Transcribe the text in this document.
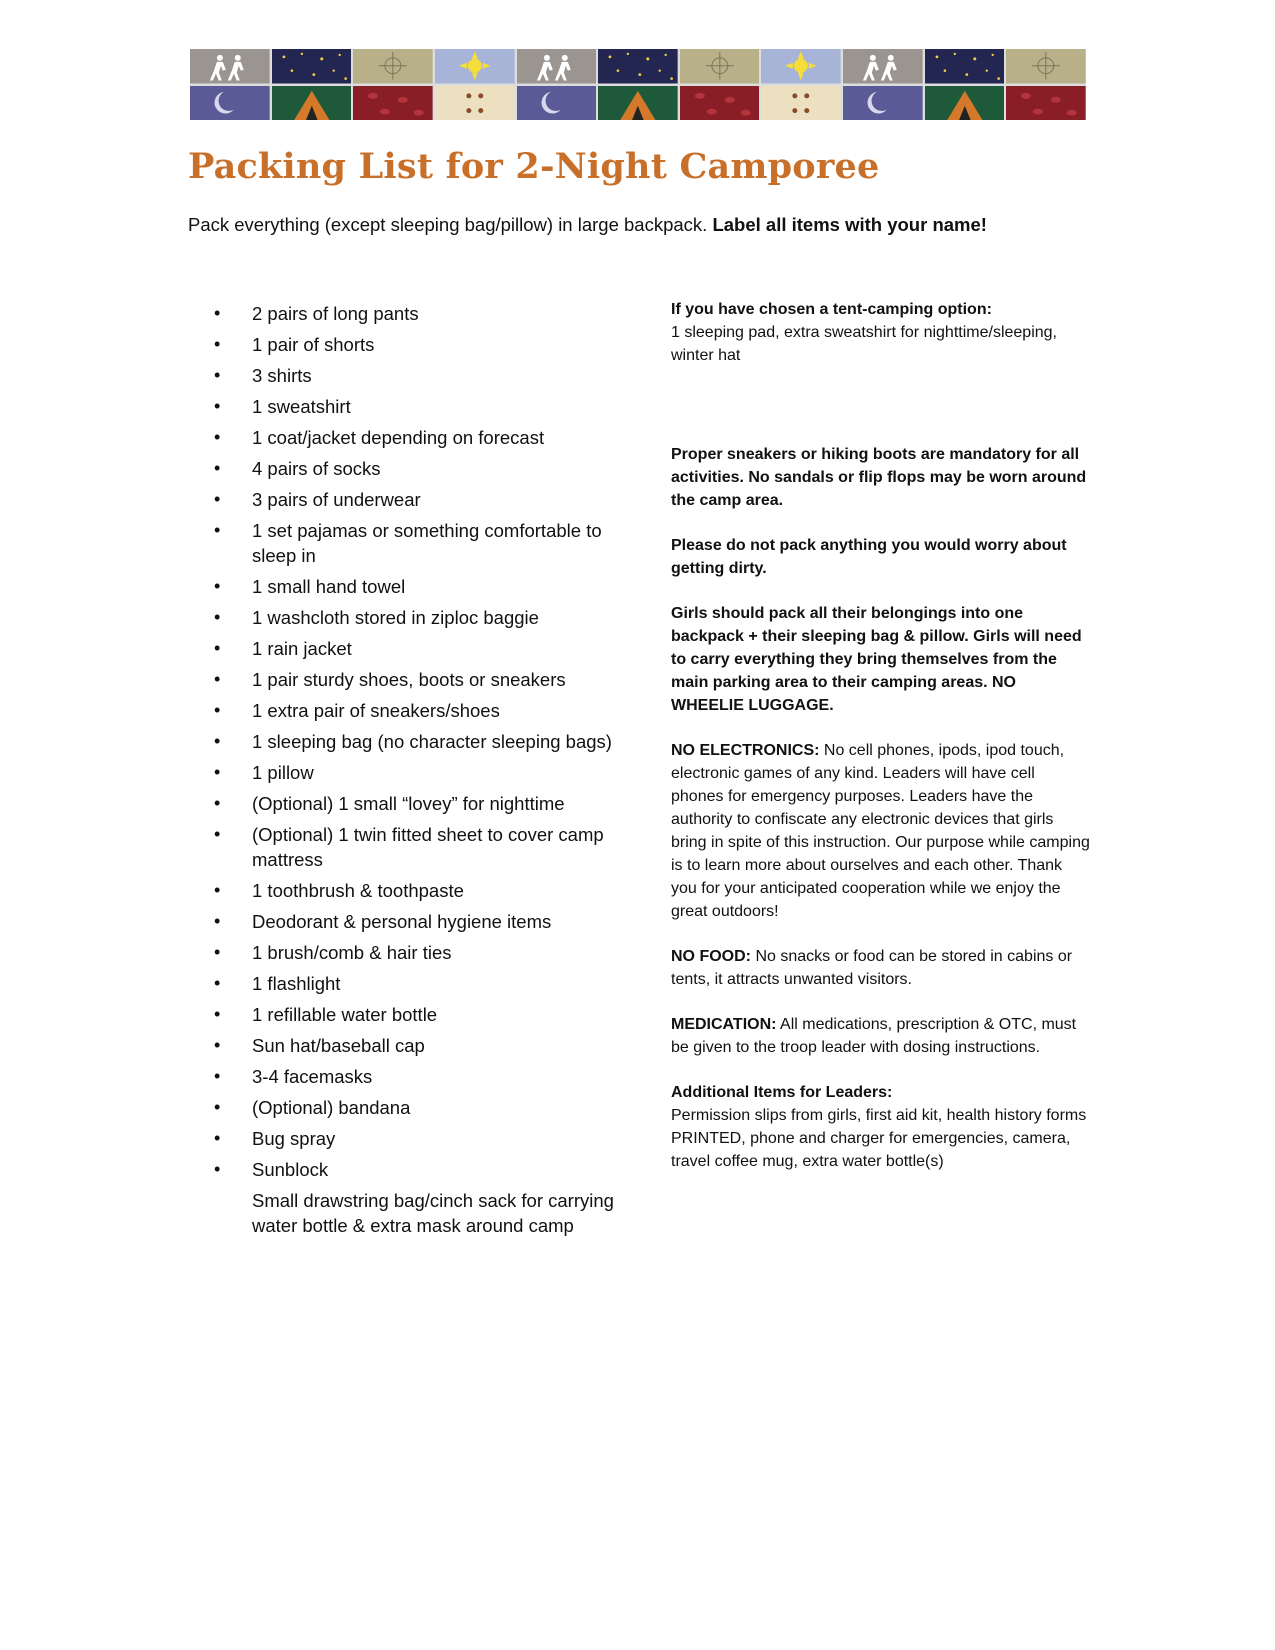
Packing List for 2-Night Camporee
Pack everything (except sleeping bag/pillow) in large backpack. Label all items with your name!
• 2 pairs of long pants
• 1 pair of shorts
• 3 shirts
• 1 sweatshirt
• 1 coat/jacket depending on forecast
• 4 pairs of socks
• 3 pairs of underwear
• 1 set pajamas or something comfortable to sleep in
• 1 small hand towel
• 1 washcloth stored in ziploc baggie
• 1 rain jacket
• 1 pair sturdy shoes, boots or sneakers
• 1 extra pair of sneakers/shoes
• 1 sleeping bag (no character sleeping bags)
• 1 pillow
• (Optional) 1 small “lovey” for nighttime
• (Optional) 1 twin fitted sheet to cover camp mattress
• 1 toothbrush & toothpaste
• Deodorant & personal hygiene items
• 1 brush/comb & hair ties
• 1 flashlight
• 1 refillable water bottle
• Sun hat/baseball cap
• 3-4 facemasks
• (Optional) bandana
• Bug spray
• Sunblock
Small drawstring bag/cinch sack for carrying water bottle & extra mask around camp
If you have chosen a tent-camping option:
1 sleeping pad, extra sweatshirt for nighttime/sleeping, winter hat
Proper sneakers or hiking boots are mandatory for all activities. No sandals or flip flops may be worn around the camp area.
Please do not pack anything you would worry about getting dirty.
Girls should pack all their belongings into one backpack + their sleeping bag & pillow. Girls will need to carry everything they bring themselves from the main parking area to their camping areas. NO WHEELIE LUGGAGE.
NO ELECTRONICS: No cell phones, ipods, ipod touch, electronic games of any kind. Leaders will have cell phones for emergency purposes. Leaders have the authority to confiscate any electronic devices that girls bring in spite of this instruction. Our purpose while camping is to learn more about ourselves and each other. Thank you for your anticipated cooperation while we enjoy the great outdoors!
NO FOOD: No snacks or food can be stored in cabins or tents, it attracts unwanted visitors.
MEDICATION: All medications, prescription & OTC, must be given to the troop leader with dosing instructions.
Additional Items for Leaders:
Permission slips from girls, first aid kit, health history forms PRINTED, phone and charger for emergencies, camera, travel coffee mug, extra water bottle(s)
